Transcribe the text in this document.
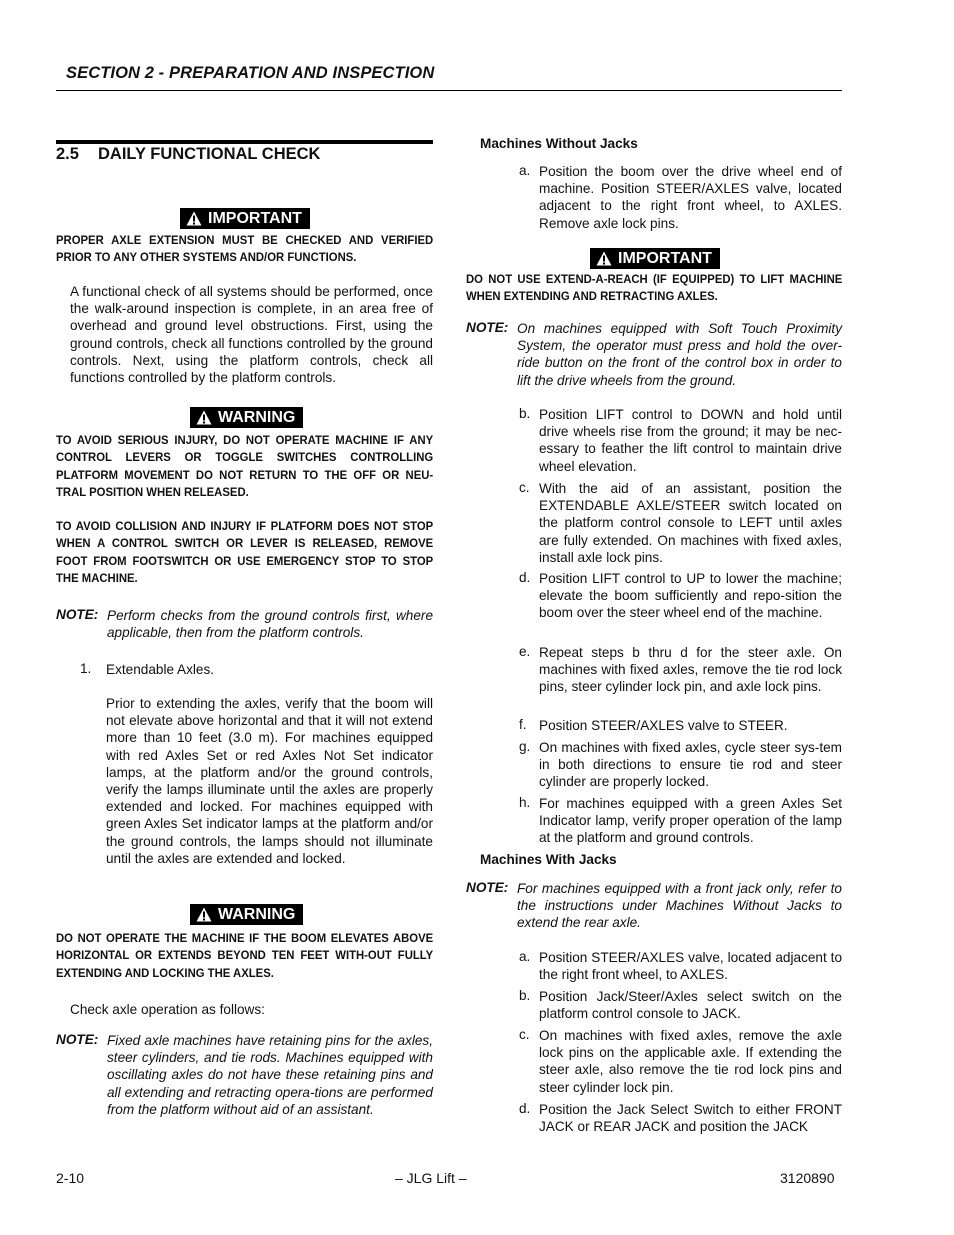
SECTION 2 - PREPARATION AND INSPECTION
2.5 DAILY FUNCTIONAL CHECK
IMPORTANT
PROPER AXLE EXTENSION MUST BE CHECKED AND VERIFIED PRIOR TO ANY OTHER SYSTEMS AND/OR FUNCTIONS.
A functional check of all systems should be performed, once the walk-around inspection is complete, in an area free of overhead and ground level obstructions. First, using the ground controls, check all functions controlled by the ground controls. Next, using the platform controls, check all functions controlled by the platform controls.
WARNING
TO AVOID SERIOUS INJURY, DO NOT OPERATE MACHINE IF ANY CONTROL LEVERS OR TOGGLE SWITCHES CONTROLLING PLATFORM MOVEMENT DO NOT RETURN TO THE OFF OR NEU-TRAL POSITION WHEN RELEASED.
TO AVOID COLLISION AND INJURY IF PLATFORM DOES NOT STOP WHEN A CONTROL SWITCH OR LEVER IS RELEASED, REMOVE FOOT FROM FOOTSWITCH OR USE EMERGENCY STOP TO STOP THE MACHINE.
NOTE: Perform checks from the ground controls first, where applicable, then from the platform controls.
1. Extendable Axles.
Prior to extending the axles, verify that the boom will not elevate above horizontal and that it will not extend more than 10 feet (3.0 m). For machines equipped with red Axles Set or red Axles Not Set indicator lamps, at the platform and/or the ground controls, verify the lamps illuminate until the axles are properly extended and locked. For machines equipped with green Axles Set indicator lamps at the platform and/or the ground controls, the lamps should not illuminate until the axles are extended and locked.
WARNING
DO NOT OPERATE THE MACHINE IF THE BOOM ELEVATES ABOVE HORIZONTAL OR EXTENDS BEYOND TEN FEET WITH-OUT FULLY EXTENDING AND LOCKING THE AXLES.
Check axle operation as follows:
NOTE: Fixed axle machines have retaining pins for the axles, steer cylinders, and tie rods. Machines equipped with oscillating axles do not have these retaining pins and all extending and retracting opera-tions are performed from the platform without aid of an assistant.
Machines Without Jacks
a. Position the boom over the drive wheel end of machine. Position STEER/AXLES valve, located adjacent to the right front wheel, to AXLES. Remove axle lock pins.
IMPORTANT
DO NOT USE EXTEND-A-REACH (IF EQUIPPED) TO LIFT MACHINE WHEN EXTENDING AND RETRACTING AXLES.
NOTE: On machines equipped with Soft Touch Proximity System, the operator must press and hold the over-ride button on the front of the control box in order to lift the drive wheels from the ground.
b. Position LIFT control to DOWN and hold until drive wheels rise from the ground; it may be nec-essary to feather the lift control to maintain drive wheel elevation.
c. With the aid of an assistant, position the EXTENDABLE AXLE/STEER switch located on the platform control console to LEFT until axles are fully extended. On machines with fixed axles, install axle lock pins.
d. Position LIFT control to UP to lower the machine; elevate the boom sufficiently and repo-sition the boom over the steer wheel end of the machine.
e. Repeat steps b thru d for the steer axle. On machines with fixed axles, remove the tie rod lock pins, steer cylinder lock pin, and axle lock pins.
f. Position STEER/AXLES valve to STEER.
g. On machines with fixed axles, cycle steer sys-tem in both directions to ensure tie rod and steer cylinder are properly locked.
h. For machines equipped with a green Axles Set Indicator lamp, verify proper operation of the lamp at the platform and ground controls.
Machines With Jacks
NOTE: For machines equipped with a front jack only, refer to the instructions under Machines Without Jacks to extend the rear axle.
a. Position STEER/AXLES valve, located adjacent to the right front wheel, to AXLES.
b. Position Jack/Steer/Axles select switch on the platform control console to JACK.
c. On machines with fixed axles, remove the axle lock pins on the applicable axle. If extending the steer axle, also remove the tie rod lock pins and steer cylinder lock pin.
d. Position the Jack Select Switch to either FRONT JACK or REAR JACK and position the JACK
2-10	– JLG Lift –	3120890
